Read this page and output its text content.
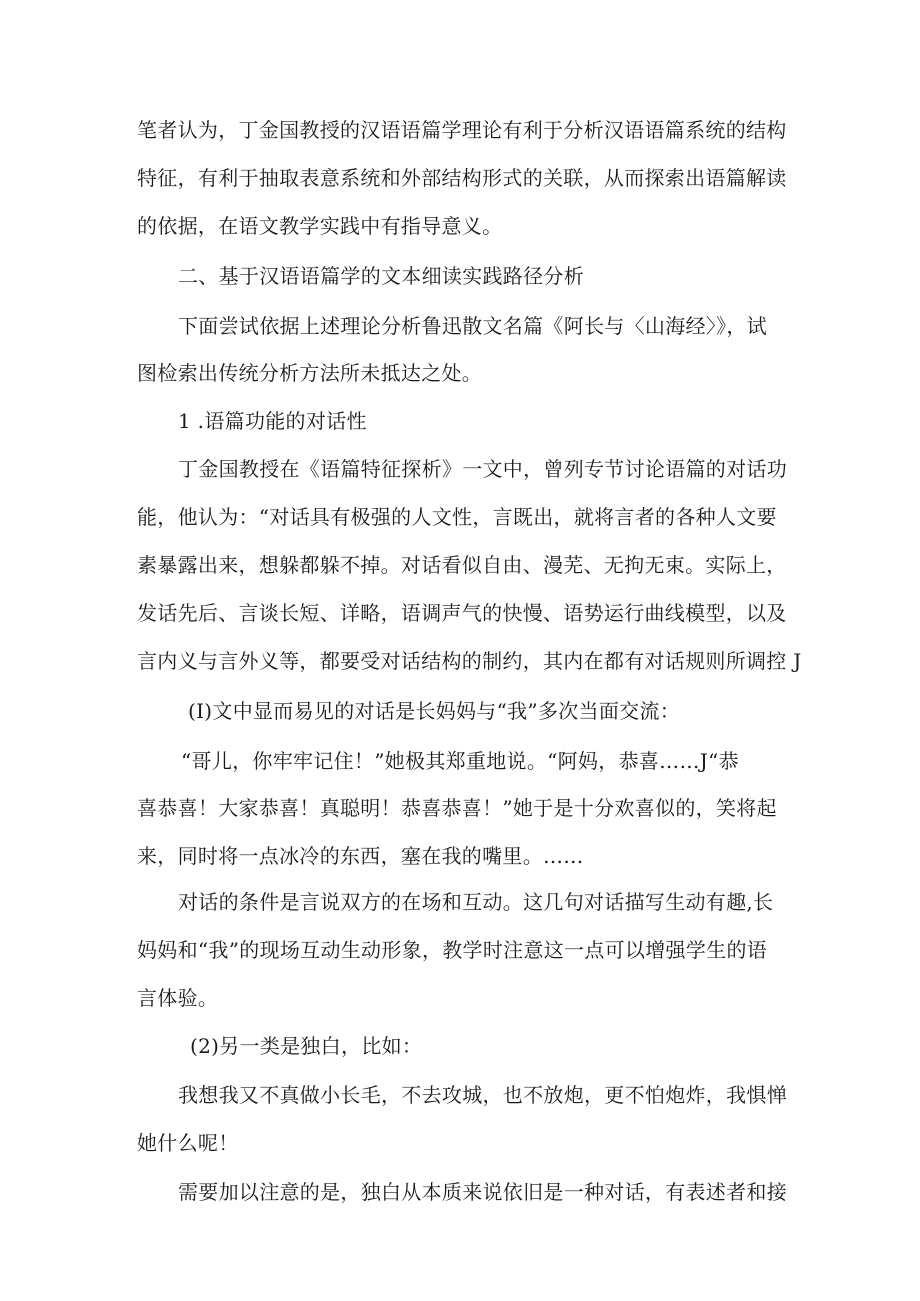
笔者认为，丁金国教授的汉语语篇学理论有利于分析汉语语篇系统的结构

特征，有利于抽取表意系统和外部结构形式的关联，从而探索出语篇解读

的依据，在语文教学实践中有指导意义。

二、基于汉语语篇学的文本细读实践路径分析

下面尝试依据上述理论分析鲁迅散文名篇《阿长与〈山海经〉》，试

图检索出传统分析方法所未抵达之处。

1 .语篇功能的对话性

丁金国教授在《语篇特征探析》一文中，曾列专节讨论语篇的对话功

能，他认为：“对话具有极强的人文性，言既出，就将言者的各种人文要

素暴露出来，想躲都躲不掉。对话看似自由、漫芜、无拘无束。实际上，

发话先后、言谈长短、详略，语调声气的快慢、语势运行曲线模型，以及

言内义与言外义等，都要受对话结构的制约，其内在都有对话规则所调控 J

(I)文中显而易见的对话是长妈妈与“我”多次当面交流：

“哥儿，你牢牢记住！”她极其郑重地说。“阿妈，恭喜……J“恭

喜恭喜！大家恭喜！真聪明！恭喜恭喜！”她于是十分欢喜似的，笑将起

来，同时将一点冰冷的东西，塞在我的嘴里。……

对话的条件是言说双方的在场和互动。这几句对话描写生动有趣,长

妈妈和“我”的现场互动生动形象，教学时注意这一点可以增强学生的语

言体验。

(2)另一类是独白，比如：

我想我又不真做小长毛，不去攻城，也不放炮，更不怕炮炸，我惧惮

她什么呢！

需要加以注意的是，独白从本质来说依旧是一种对话，有表述者和接
